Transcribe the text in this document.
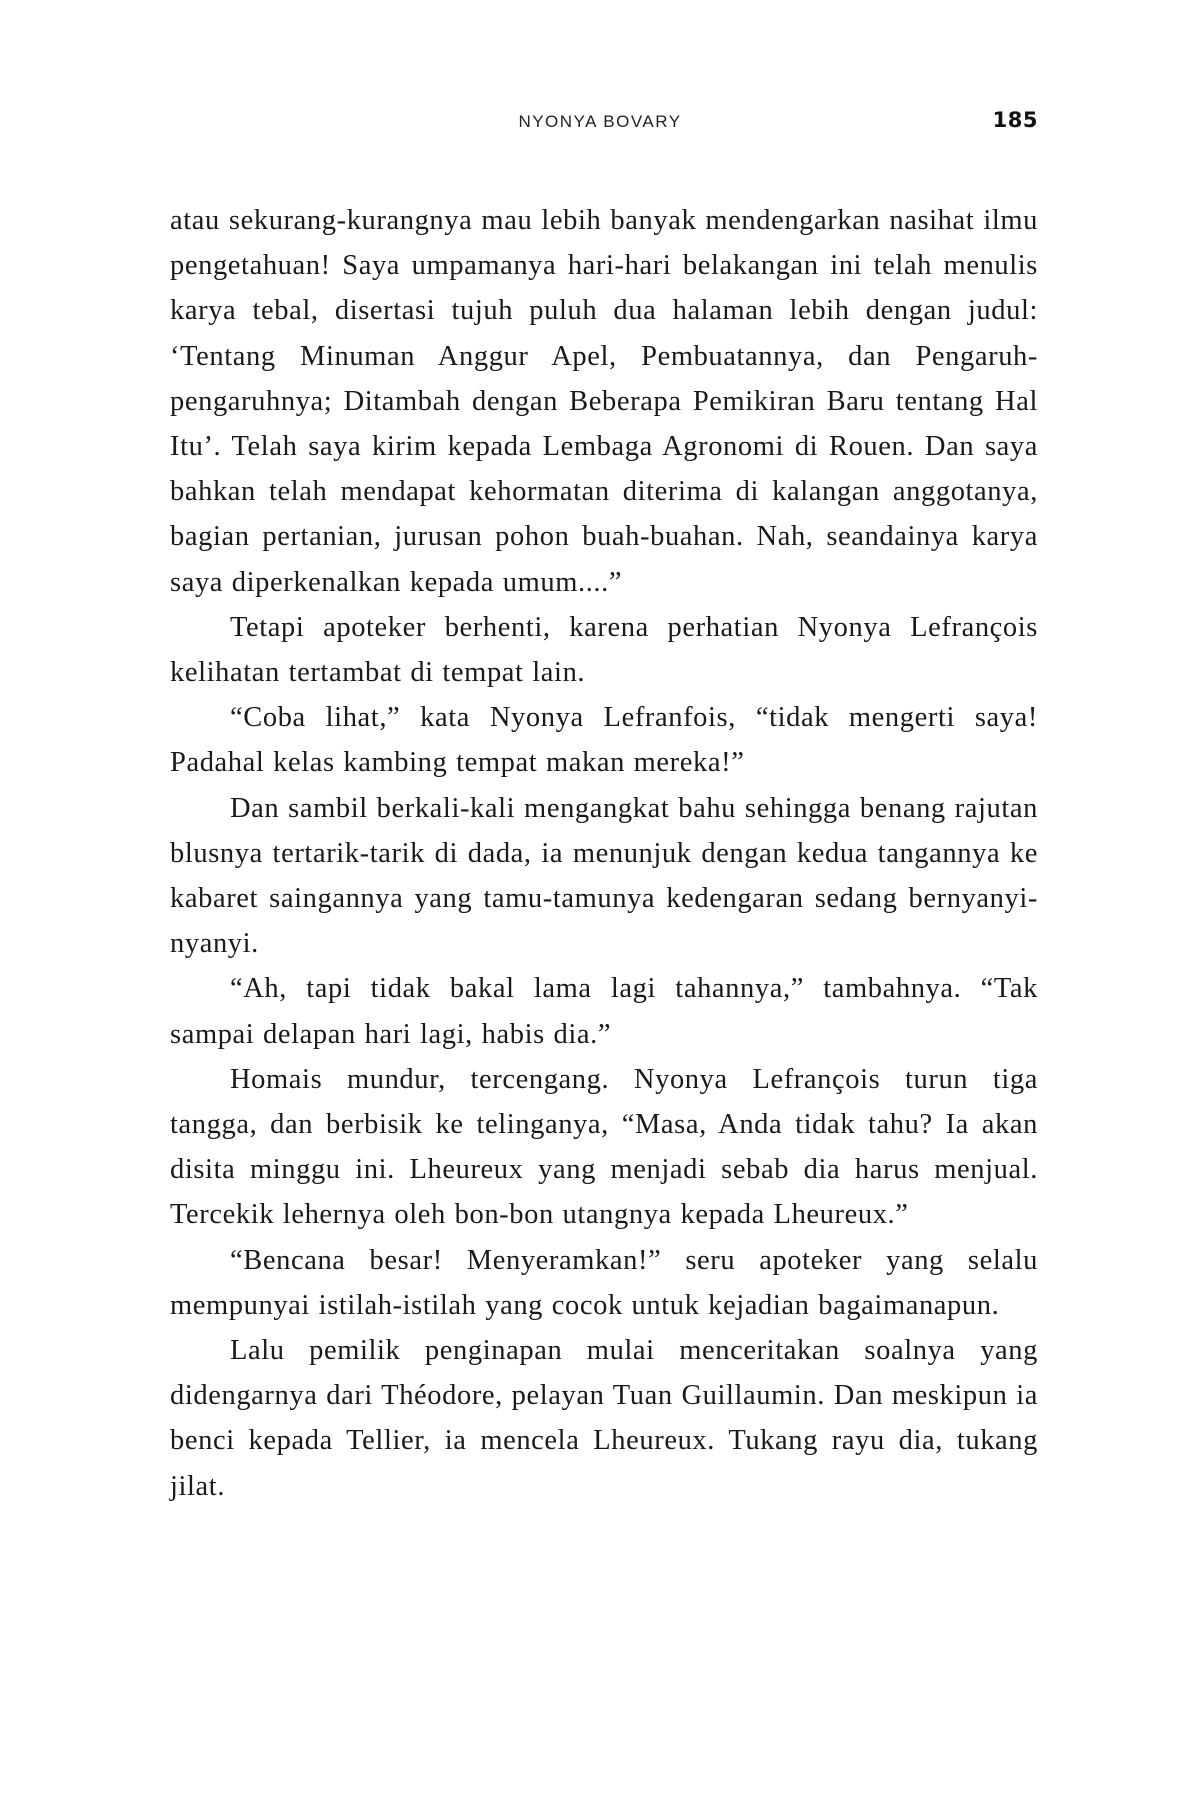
NYONYA BOVARY	185

atau sekurang-kurangnya mau lebih banyak mendengarkan nasihat ilmu pengetahuan! Saya umpamanya hari-hari belakangan ini telah menulis karya tebal, disertasi tujuh puluh dua halaman lebih dengan judul: ‘Tentang Minuman Anggur Apel, Pembuatannya, dan Pengaruh-pengaruhnya; Ditambah dengan Beberapa Pemikiran Baru tentang Hal Itu’. Telah saya kirim kepada Lembaga Agronomi di Rouen. Dan saya bahkan telah mendapat kehormatan diterima di kalangan anggotanya, bagian pertanian, jurusan pohon buah-buahan. Nah, seandainya karya saya diperkenalkan kepada umum....”

Tetapi apoteker berhenti, karena perhatian Nyonya Lefrançois kelihatan tertambat di tempat lain.

“Coba lihat,” kata Nyonya Lefranfois, “tidak mengerti saya! Padahal kelas kambing tempat makan mereka!”

Dan sambil berkali-kali mengangkat bahu sehingga benang rajutan blusnya tertarik-tarik di dada, ia menunjuk dengan kedua tangannya ke kabaret saingannya yang tamu-tamunya kedengaran sedang bernyanyi-nyanyi.

“Ah, tapi tidak bakal lama lagi tahannya,” tambahnya. “Tak sampai delapan hari lagi, habis dia.”

Homais mundur, tercengang. Nyonya Lefrançois turun tiga tangga, dan berbisik ke telinganya, “Masa, Anda tidak tahu? Ia akan disita minggu ini. Lheureux yang menjadi sebab dia harus menjual. Tercekik lehernya oleh bon-bon utangnya kepada Lheureux.”

“Bencana besar! Menyeramkan!” seru apoteker yang selalu mempunyai istilah-istilah yang cocok untuk kejadian bagaimanapun.

Lalu pemilik penginapan mulai menceritakan soalnya yang didengarnya dari Théodore, pelayan Tuan Guillaumin. Dan meskipun ia benci kepada Tellier, ia mencela Lheureux. Tukang rayu dia, tukang jilat.
